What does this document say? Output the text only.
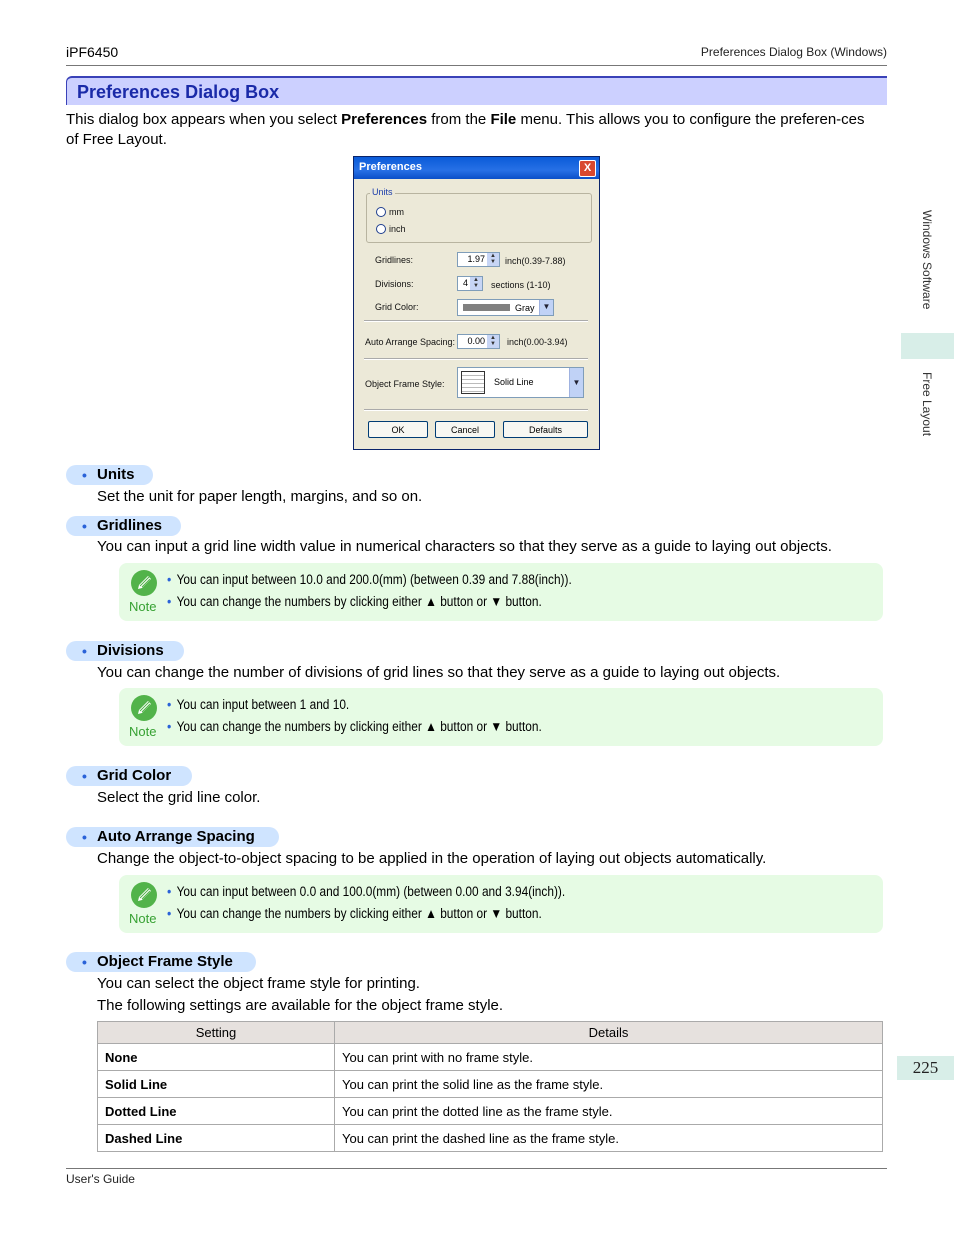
iPF6450	Preferences Dialog Box (Windows)
Windows Software
Free Layout
225
Preferences Dialog Box
This dialog box appears when you select Preferences from the File menu. This allows you to configure the preferen-ces of Free Layout.
Preferences	X
Units
mm
inch
Gridlines:	1.97 ▲
▼	inch(0.39-7.88)
Divisions:	4 ▲
▼	sections (1-10)
Grid Color:	Gray	▼
Auto Arrange Spacing: 0.00 ▲
▼	inch(0.00-3.94)
Object Frame Style:	Solid Line	▼
OK	Cancel	Defaults
• Units
Set the unit for paper length, margins, and so on.
• Gridlines
You can input a grid line width value in numerical characters so that they serve as a guide to laying out objects.
Note
• You can input between 10.0 and 200.0(mm) (between 0.39 and 7.88(inch)).
• You can change the numbers by clicking either ▲ button or ▼ button.
• Divisions
You can change the number of divisions of grid lines so that they serve as a guide to laying out objects.
Note
• You can input between 1 and 10.
• You can change the numbers by clicking either ▲ button or ▼ button.
• Grid Color
Select the grid line color.
• Auto Arrange Spacing
Change the object-to-object spacing to be applied in the operation of laying out objects automatically.
Note
• You can input between 0.0 and 100.0(mm) (between 0.00 and 3.94(inch)).
• You can change the numbers by clicking either ▲ button or ▼ button.
• Object Frame Style
You can select the object frame style for printing.
The following settings are available for the object frame style.
Setting	Details
None	You can print with no frame style.
Solid Line	You can print the solid line as the frame style.
Dotted Line	You can print the dotted line as the frame style.
Dashed Line	You can print the dashed line as the frame style.
User's Guide
